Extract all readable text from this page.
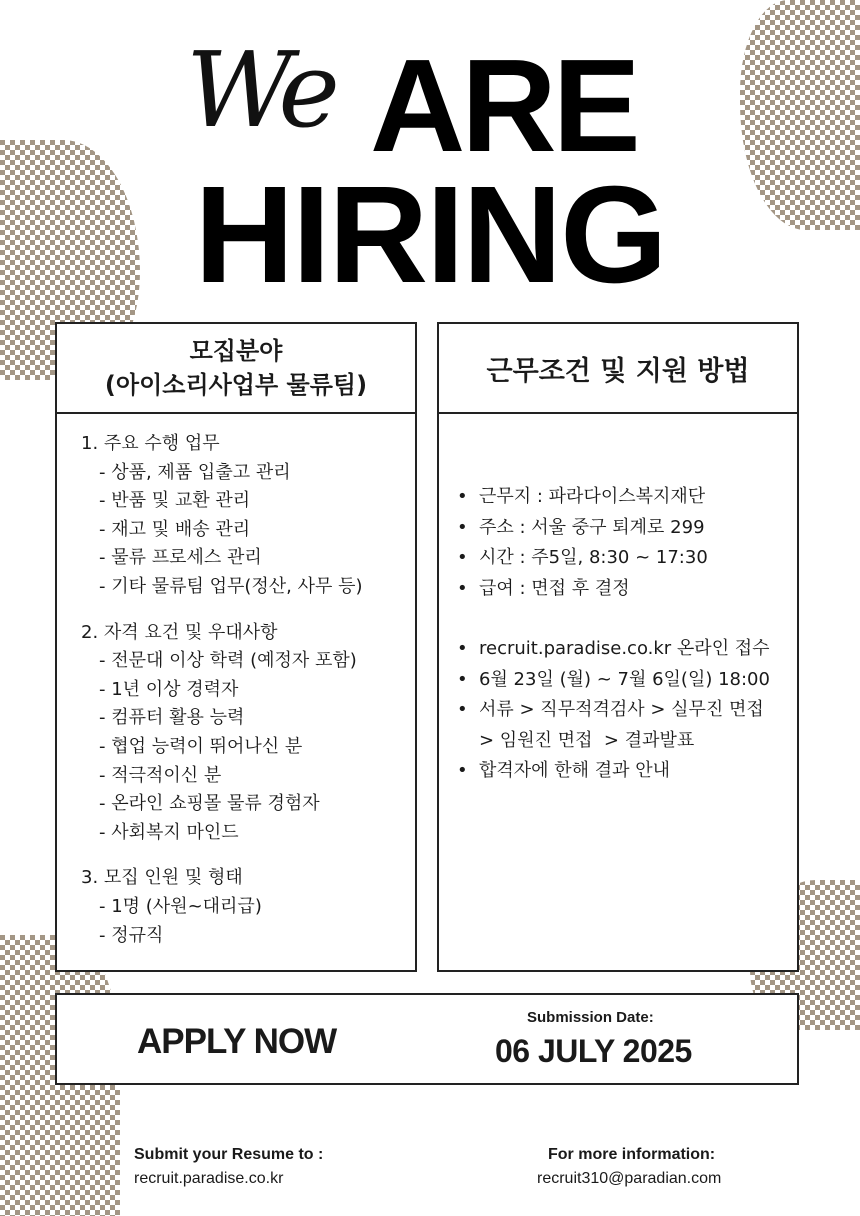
We ARE
HIRING
모집분야
(아이소리사업부 물류팀)	근무조건 및 지원 방법
1. 주요 수행 업무
- 상품, 제품 입출고 관리
- 반품 및 교환 관리
- 재고 및 배송 관리
- 물류 프로세스 관리
- 기타 물류팀 업무(정산, 사무 등)
2. 자격 요건 및 우대사항
- 전문대 이상 학력 (예정자 포함)
- 1년 이상 경력자
- 컴퓨터 활용 능력
- 협업 능력이 뛰어나신 분
- 적극적이신 분
- 온라인 쇼핑몰 물류 경험자
- 사회복지 마인드
3. 모집 인원 및 형태
- 1명 (사원~대리급)
- 정규직
• 근무지 : 파라다이스복지재단
• 주소 : 서울 중구 퇴계로 299
• 시간 : 주5일, 8:30 ~ 17:30
• 급여 : 면접 후 결정
• recruit.paradise.co.kr 온라인 접수
• 6월 23일 (월) ~ 7월 6일(일) 18:00
• 서류 > 직무적격검사 > 실무진 면접
> 임원진 면접  > 결과발표
• 합격자에 한해 결과 안내
APPLY NOW
Submission Date:
06 JULY 2025
Submit your Resume to :
recruit.paradise.co.kr
For more information:
recruit310@paradian.com
